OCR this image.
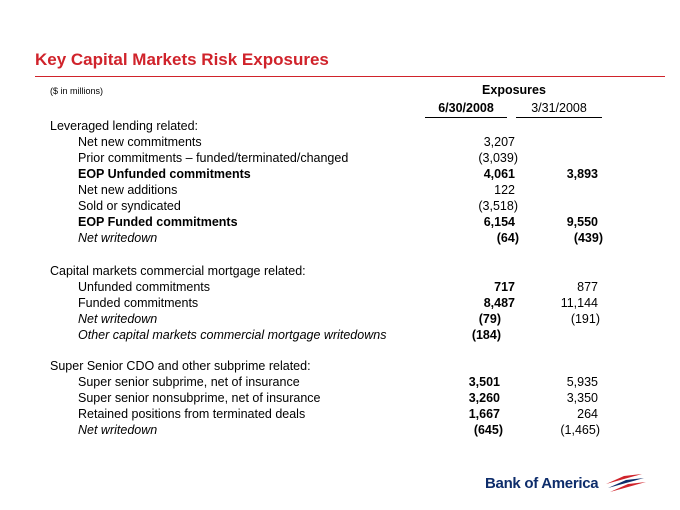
Key Capital Markets Risk Exposures
($ in millions)	Exposures
6/30/2008	3/31/2008
Leveraged lending related:
Net new commitments	3,207
Prior commitments – funded/terminated/changed	(3,039)
EOP Unfunded commitments	4,061	3,893
Net new additions	122
Sold or syndicated	(3,518)
EOP Funded commitments	6,154	9,550
Net writedown	(64)	(439)
Capital markets commercial mortgage related:
Unfunded commitments	717	877
Funded commitments	8,487	11,144
Net writedown	(79)	(191)
Other capital markets commercial mortgage writedowns	(184)
Super Senior CDO and other subprime related:
Super senior subprime, net of insurance	3,501	5,935
Super senior nonsubprime, net of insurance	3,260	3,350
Retained positions from terminated deals	1,667	264
Net writedown	(645)	(1,465)
Bank of America
